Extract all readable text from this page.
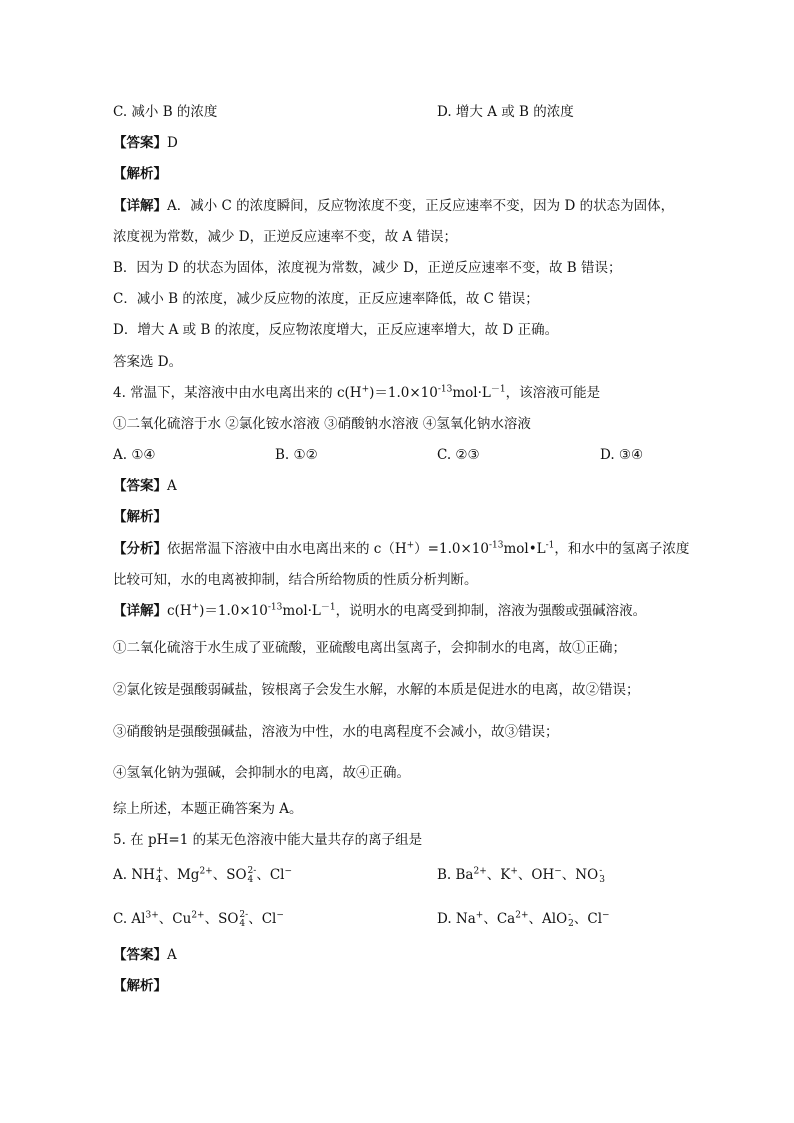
C. 减小 B 的浓度	D. 增大 A 或 B 的浓度
【答案】D
【解析】
【详解】A．减小 C 的浓度瞬间，反应物浓度不变，正反应速率不变，因为 D 的状态为固体，
浓度视为常数，减少 D，正逆反应速率不变，故 A 错误；
B．因为 D 的状态为固体，浓度视为常数，减少 D，正逆反应速率不变，故 B 错误；
C．减小 B 的浓度，减少反应物的浓度，正反应速率降低，故 C 错误；
D．增大 A 或 B 的浓度，反应物浓度增大，正反应速率增大，故 D 正确。
答案选 D。
4. 常温下，某溶液中由水电离出来的 $c(H^+)=1.0\times 10^{-13}mol\cdot L^{-1}$，该溶液可能是
①二氧化硫溶于水 ②氯化铵水溶液 ③硝酸钠水溶液 ④氢氧化钠水溶液
A. ①④	B. ①②	C. ②③	D. ③④
【答案】A
【解析】
【分析】依据常温下溶液中由水电离出来的 $c(H^+)=1.0\times 10^{-13}mol•L^{-1}$，和水中的氢离子浓度
比较可知，水的电离被抑制，结合所给物质的性质分析判断。
【详解】$c(H^+)=1.0\times 10^{-13}mol\cdot L^{-1}$，说明水的电离受到抑制，溶液为强酸或强碱溶液。
①二氧化硫溶于水生成了亚硫酸，亚硫酸电离出氢离子，会抑制水的电离，故①正确；
②氯化铵是强酸弱碱盐，铵根离子会发生水解，水解的本质是促进水的电离，故②错误；
③硝酸钠是强酸强碱盐，溶液为中性，水的电离程度不会减小，故③错误；
④氢氧化钠为强碱，会抑制水的电离，故④正确。
综上所述，本题正确答案为 A。
5. 在 pH=1 的某无色溶液中能大量共存的离子组是
A. NH +
4 、$Mg^{2+}$、SO 2-
4 、Cl−	B. $Ba^{2+}$、K+、OH−、NO -
3
C. $Al^{3+}$、$Cu^{2+}$、SO 2-
4 、Cl−	D. Na+、$Ca^{2+}$、AlO -
2 、Cl−
【答案】A
【解析】
